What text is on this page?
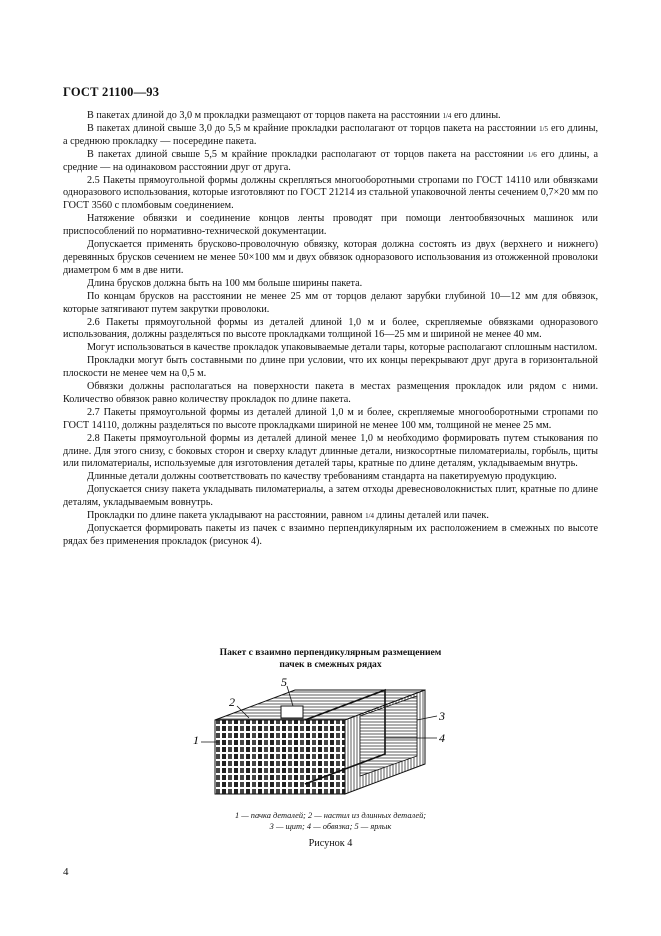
ГОСТ 21100—93

В пакетах длиной до 3,0 м прокладки размещают от торцов пакета на расстоянии 1/4 его длины.

В пакетах длиной свыше 3,0 до 5,5 м крайние прокладки располагают от торцов пакета на расстоянии 1/5 его длины, а среднюю прокладку — посередине пакета.

В пакетах длиной свыше 5,5 м крайние прокладки располагают от торцов пакета на расстоянии 1/6 его длины, а средние — на одинаковом расстоянии друг от друга.

2.5 Пакеты прямоугольной формы должны скрепляться многооборотными стропами по ГОСТ 14110 или обвязками одноразового использования, которые изготовляют по ГОСТ 21214 из стальной упаковочной ленты сечением 0,7×20 мм по ГОСТ 3560 с пломбовым соединением.

Натяжение обвязки и соединение концов ленты проводят при помощи лентообвязочных машинок или приспособлений по нормативно-технической документации.

Допускается применять брусково-проволочную обвязку, которая должна состоять из двух (верхнего и нижнего) деревянных брусков сечением не менее 50×100 мм и двух обвязок одноразового использования из отожженной проволоки диаметром 6 мм в две нити.

Длина брусков должна быть на 100 мм больше ширины пакета.

По концам брусков на расстоянии не менее 25 мм от торцов делают зарубки глубиной 10—12 мм для обвязок, которые затягивают путем закрутки проволоки.

2.6 Пакеты прямоугольной формы из деталей длиной 1,0 м и более, скрепляемые обвязками одноразового использования, должны разделяться по высоте прокладками толщиной 16—25 мм и шириной не менее 40 мм.

Могут использоваться в качестве прокладок упаковываемые детали тары, которые располагают сплошным настилом.

Прокладки могут быть составными по длине при условии, что их концы перекрывают друг друга в горизонтальной плоскости не менее чем на 0,5 м.

Обвязки должны располагаться на поверхности пакета в местах размещения прокладок или рядом с ними. Количество обвязок равно количеству прокладок по длине пакета.

2.7 Пакеты прямоугольной формы из деталей длиной 1,0 м и более, скрепляемые многооборотными стропами по ГОСТ 14110, должны разделяться по высоте прокладками шириной не менее 100 мм, толщиной не менее 25 мм.

2.8 Пакеты прямоугольной формы из деталей длиной менее 1,0 м необходимо формировать путем стыкования по длине. Для этого снизу, с боковых сторон и сверху кладут длинные детали, низкосортные пиломатериалы, горбыль, щиты или пиломатериалы, используемые для изготовления деталей тары, кратные по длине деталям, укладываемым внутрь.

Длинные детали должны соответствовать по качеству требованиям стандарта на пакетируемую продукцию.

Допускается снизу пакета укладывать пиломатериалы, а затем отходы древесноволокнистых плит, кратные по длине деталям, укладываемым вовнутрь.

Прокладки по длине пакета укладывают на расстоянии, равном 1/4 длины деталей или пачек.

Допускается формировать пакеты из пачек с взаимно перпендикулярным их расположением в смежных по высоте рядах без применения прокладок (рисунок 4).

Пакет с взаимно перпендикулярным размещением
пачек в смежных рядах
1
2
3
4
5
1 — пачка деталей; 2 — настил из длинных деталей;
3 — щит; 4 — обвязка; 5 — ярлык
Рисунок 4
4
